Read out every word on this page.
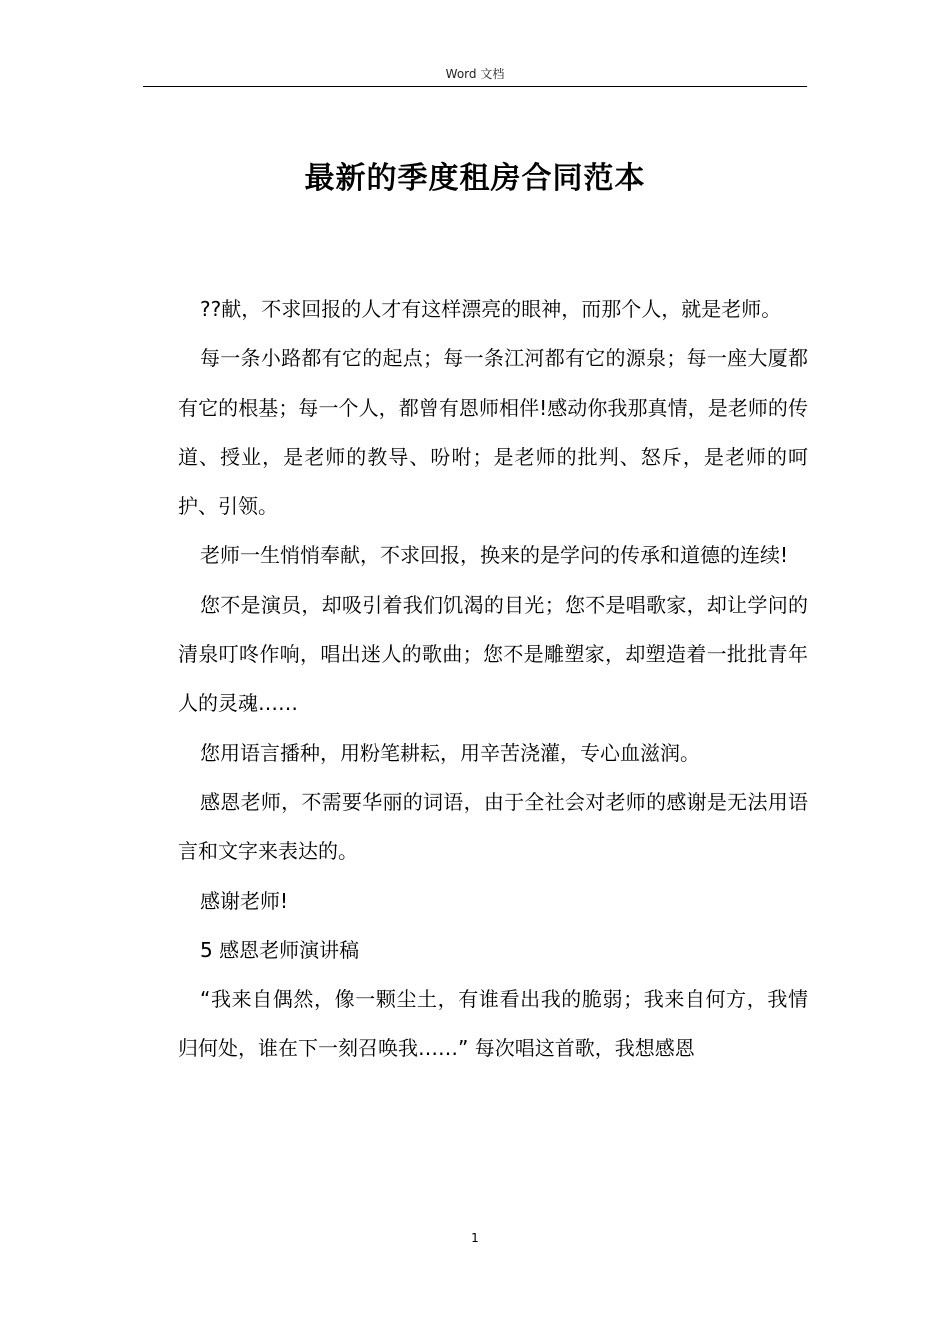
Word 文档
最新的季度租房合同范本

??献，不求回报的人才有这样漂亮的眼神，而那个人，就是老师。

每一条小路都有它的起点；每一条江河都有它的源泉；每一座大厦都有它的根基；每一个人，都曾有恩师相伴!感动你我那真情，是老师的传道、授业，是老师的教导、吩咐；是老师的批判、怒斥，是老师的呵护、引领。

老师一生悄悄奉献，不求回报，换来的是学问的传承和道德的连续!

您不是演员，却吸引着我们饥渴的目光；您不是唱歌家，却让学问的清泉叮咚作响，唱出迷人的歌曲；您不是雕塑家，却塑造着一批批青年人的灵魂……

您用语言播种，用粉笔耕耘，用辛苦浇灌，专心血滋润。

感恩老师，不需要华丽的词语，由于全社会对老师的感谢是无法用语言和文字来表达的。

感谢老师!

5 感恩老师演讲稿

“我来自偶然，像一颗尘土，有谁看出我的脆弱；我来自何方，我情归何处，谁在下一刻召唤我……” 每次唱这首歌，我想感恩

1
